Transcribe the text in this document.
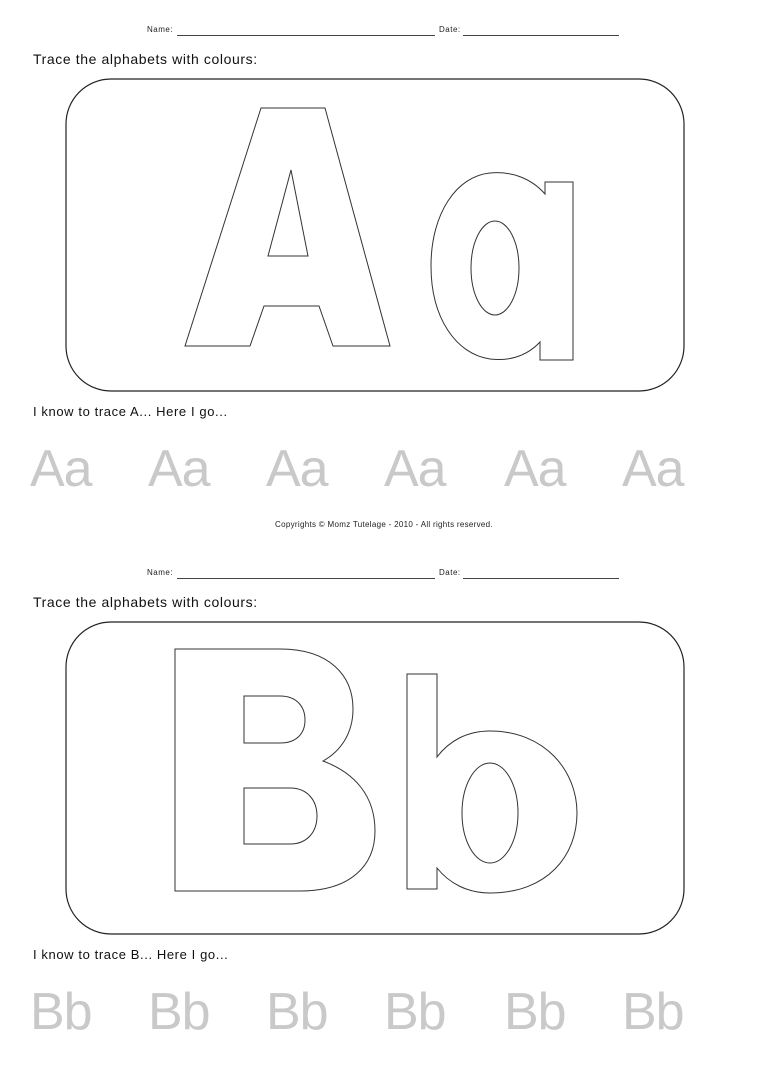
Name:	Date:
Trace the alphabets with colours:
I know to trace A... Here I go...
Aa Aa Aa Aa Aa Aa
Copyrights © Momz Tutelage - 2010 - All rights reserved.
Name:	Date:
Trace the alphabets with colours:
I know to trace B... Here I go...
Bb Bb Bb Bb Bb Bb
